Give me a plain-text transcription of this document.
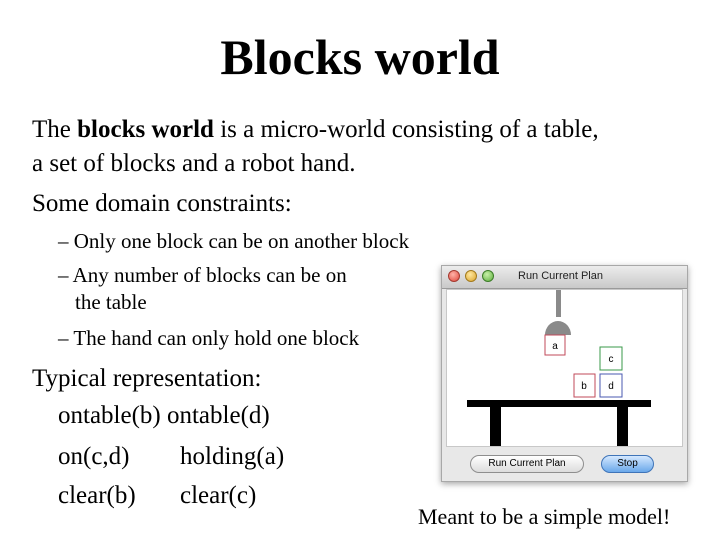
Blocks world
The blocks world is a micro-world consisting of a table,
a set of blocks and a robot hand.
Some domain constraints:
– Only one block can be on another block
– Any number of blocks can be on
the table
– The hand can only hold one block
Typical representation:
ontable(b) ontable(d)
on(c,d) holding(a)
clear(b) clear(c)
Run Current Plan
a
c
b d
Run Current Plan	Stop
Meant to be a simple model!
